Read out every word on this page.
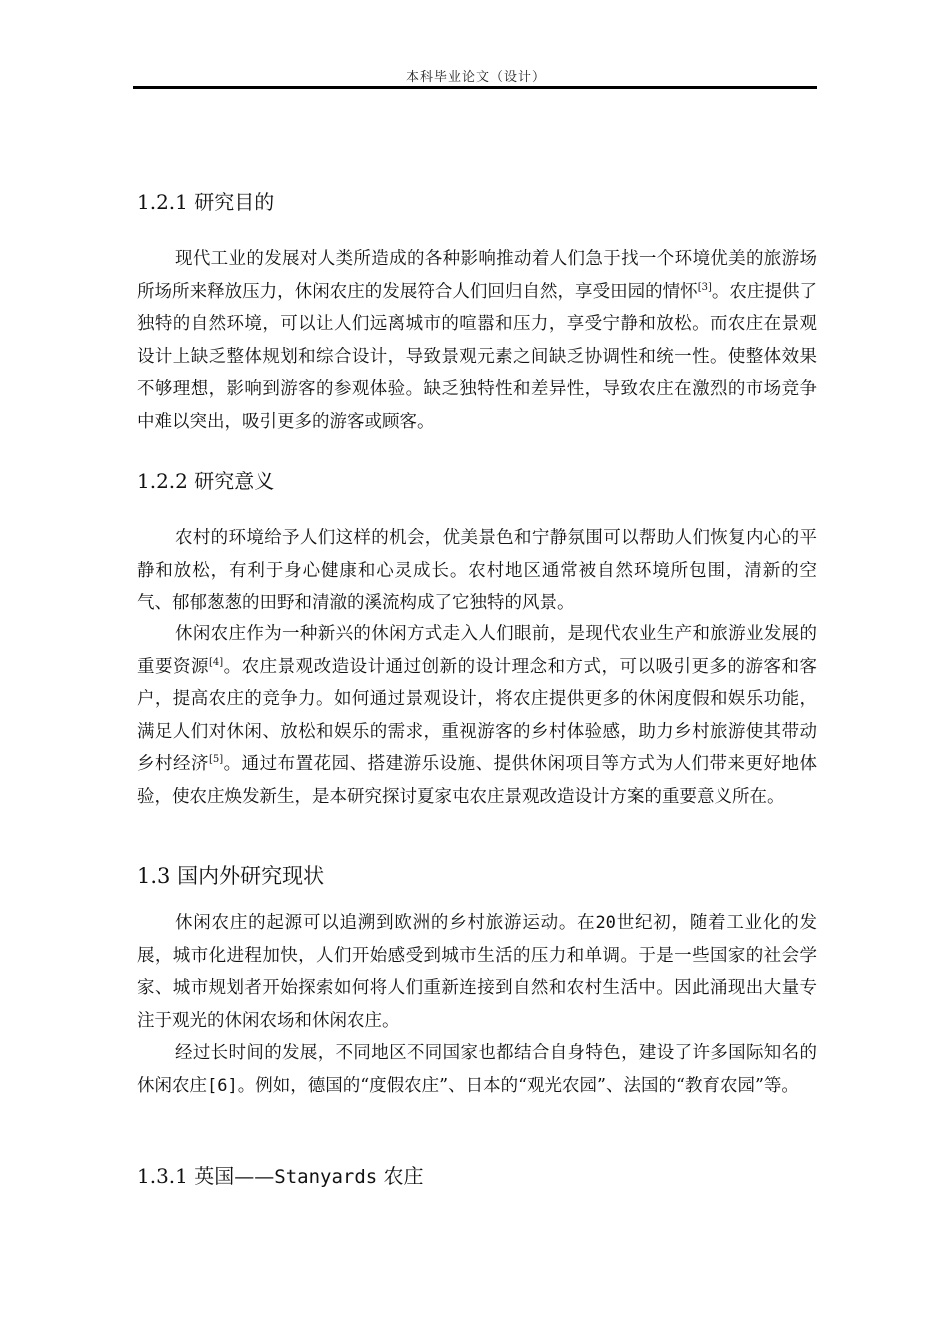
本科毕业论文（设计）
1.2.1 研究目的

现代工业的发展对人类所造成的各种影响推动着人们急于找一个环境优美的旅游场所场所来释放压力，休闲农庄的发展符合人们回归自然，享受田园的情怀[3]。农庄提供了独特的自然环境，可以让人们远离城市的喧嚣和压力，享受宁静和放松。而农庄在景观设计上缺乏整体规划和综合设计，导致景观元素之间缺乏协调性和统一性。使整体效果不够理想，影响到游客的参观体验。缺乏独特性和差异性，导致农庄在激烈的市场竞争中难以突出，吸引更多的游客或顾客。

1.2.2 研究意义

农村的环境给予人们这样的机会，优美景色和宁静氛围可以帮助人们恢复内心的平静和放松，有利于身心健康和心灵成长。农村地区通常被自然环境所包围，清新的空气、郁郁葱葱的田野和清澈的溪流构成了它独特的风景。

休闲农庄作为一种新兴的休闲方式走入人们眼前，是现代农业生产和旅游业发展的重要资源[4]。农庄景观改造设计通过创新的设计理念和方式，可以吸引更多的游客和客户，提高农庄的竞争力。如何通过景观设计，将农庄提供更多的休闲度假和娱乐功能，满足人们对休闲、放松和娱乐的需求，重视游客的乡村体验感，助力乡村旅游使其带动乡村经济[5]。通过布置花园、搭建游乐设施、提供休闲项目等方式为人们带来更好地体验，使农庄焕发新生，是本研究探讨夏家屯农庄景观改造设计方案的重要意义所在。

1.3 国内外研究现状

休闲农庄的起源可以追溯到欧洲的乡村旅游运动。在20世纪初，随着工业化的发展，城市化进程加快，人们开始感受到城市生活的压力和单调。于是一些国家的社会学家、城市规划者开始探索如何将人们重新连接到自然和农村生活中。因此涌现出大量专注于观光的休闲农场和休闲农庄。

经过长时间的发展，不同地区不同国家也都结合自身特色，建设了许多国际知名的休闲农庄[6]。例如，德国的“度假农庄”、日本的“观光农园”、法国的“教育农园”等。

1.3.1 英国——Stanyards 农庄
